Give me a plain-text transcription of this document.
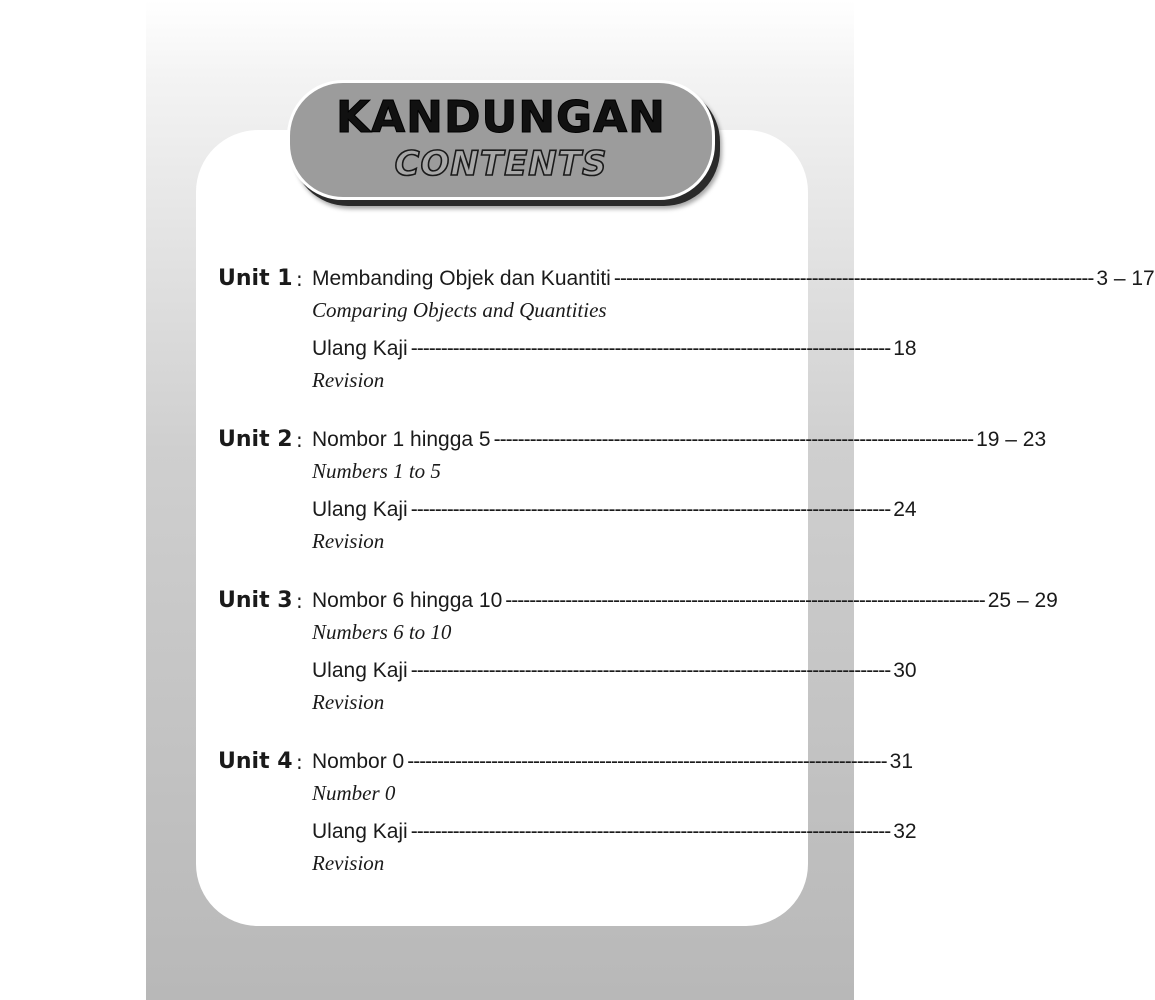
KANDUNGAN
CONTENTS
Unit 1 : Membanding Objek dan Kuantiti -------------------------------------------------------------------------------- 3 – 17
Comparing Objects and Quantities
Ulang Kaji -------------------------------------------------------------------------------- 18
Revision
Unit 2 : Nombor 1 hingga 5 -------------------------------------------------------------------------------- 19 – 23
Numbers 1 to 5
Ulang Kaji -------------------------------------------------------------------------------- 24
Revision
Unit 3 : Nombor 6 hingga 10 -------------------------------------------------------------------------------- 25 – 29
Numbers 6 to 10
Ulang Kaji -------------------------------------------------------------------------------- 30
Revision
Unit 4 : Nombor 0 -------------------------------------------------------------------------------- 31
Number 0
Ulang Kaji -------------------------------------------------------------------------------- 32
Revision
